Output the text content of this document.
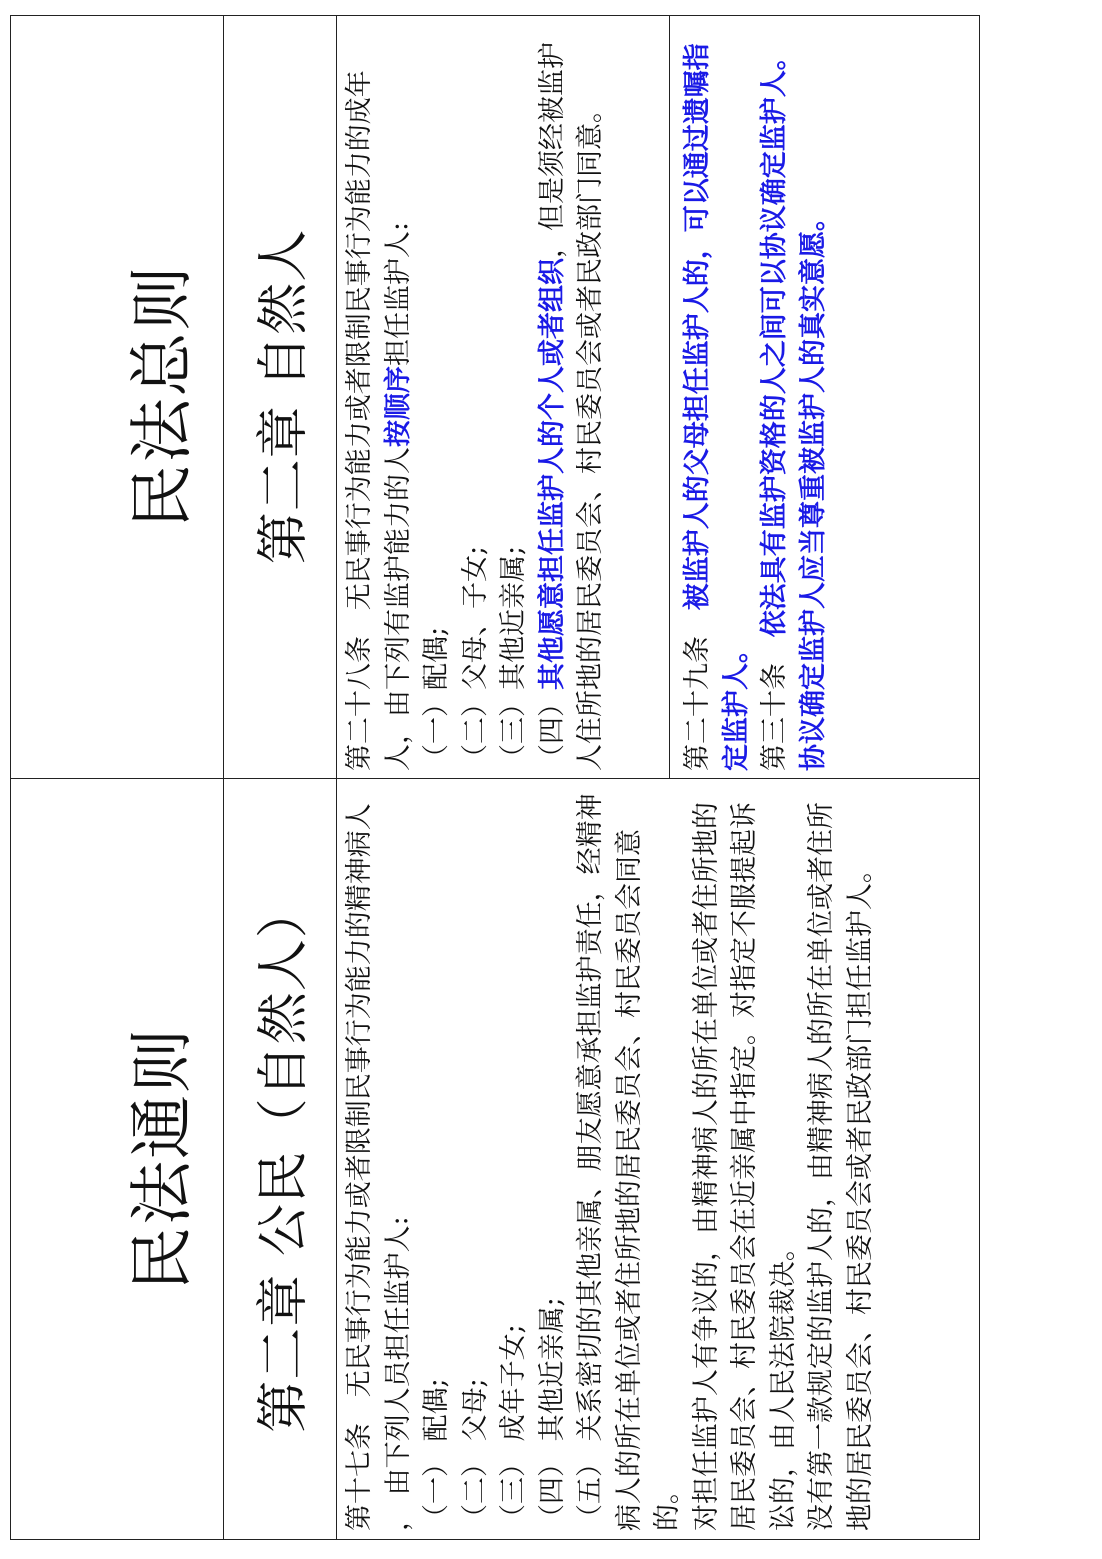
民法通则 第二章 公民（自然人）

第十七条   无民事行为能力或者限制民事行为能力的精神病人 ， 由下列人员担任监护人: （一） 配偶; （二） 父母; （三） 成年子女; （四） 其他近亲属; （五） 关系密切的其他亲属、朋友愿意承担监护责任，经精神病人的所在单位或者住所地的居民委员会、村民委员会同意的。 对担任监护人有争议的，由精神病人的所在单位或者住所地的居民委员会、村民委员会在近亲属中指定。对指定不服提起诉讼的，由人民法院裁决。 没有第一款规定的监护人的，由精神病人的所在单位或者住所地的居民委员会、村民委员会或者民政部门担任监护人。

民法总则 第二章 自然人

第二十八条   无民事行为能力或者限制民事行为能力的成年人，由下列有监护能力的人按顺序担任监护人:

（一）配偶; （二）父母、子女; （三）其他近亲属; （四）其他愿意担任监护人的个人或者组织，但是须经被监护人住所地的居民委员会、村民委员会或者民政部门同意。	第二十九条   被监护人的父母担任监护人的，可以通过遗嘱指定监护人。 第三十条   依法具有监护资格的人之间可以协议确定监护人。协议确定监护人应当尊重被监护人的真实意愿。
